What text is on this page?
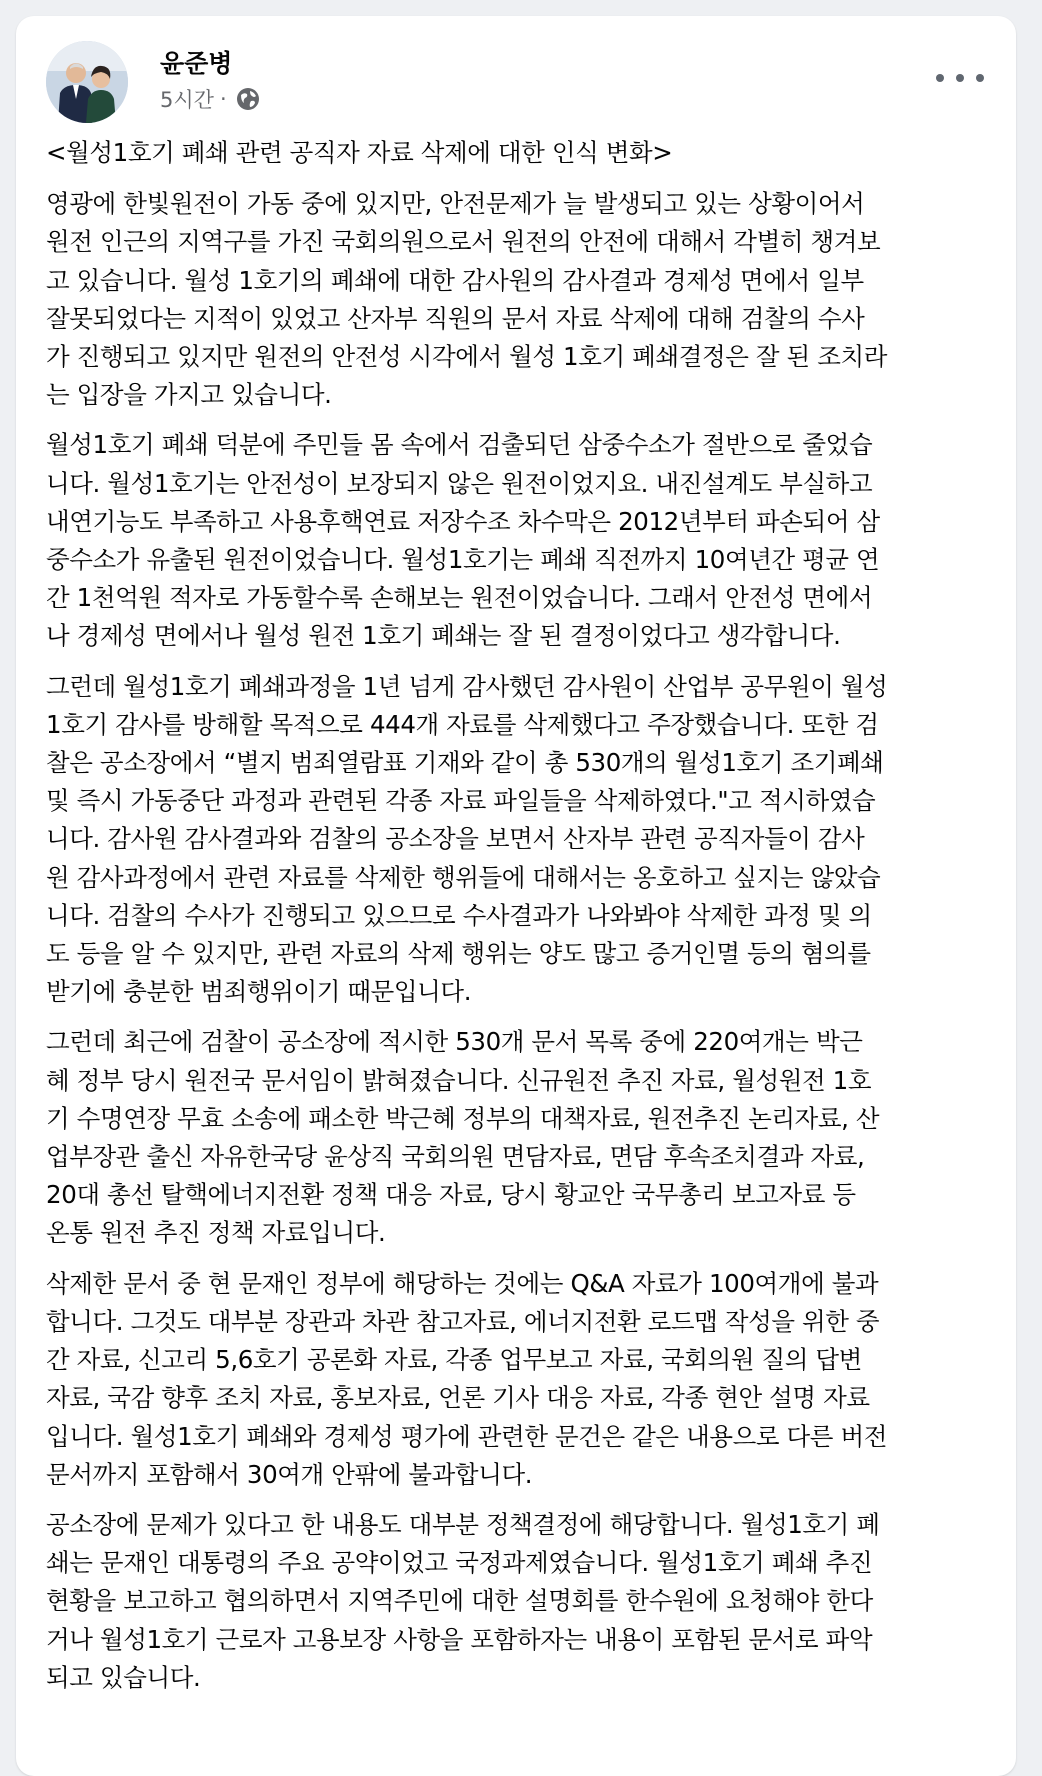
윤준병
5시간 ·
<월성1호기 폐쇄 관련 공직자 자료 삭제에 대한 인식 변화>
영광에 한빛원전이 가동 중에 있지만, 안전문제가 늘 발생되고 있는 상황이어서
원전 인근의 지역구를 가진 국회의원으로서 원전의 안전에 대해서 각별히 챙겨보
고 있습니다. 월성 1호기의 폐쇄에 대한 감사원의 감사결과 경제성 면에서 일부
잘못되었다는 지적이 있었고 산자부 직원의 문서 자료 삭제에 대해 검찰의 수사
가 진행되고 있지만 원전의 안전성 시각에서 월성 1호기 폐쇄결정은 잘 된 조치라
는 입장을 가지고 있습니다.
월성1호기 폐쇄 덕분에 주민들 몸 속에서 검출되던 삼중수소가 절반으로 줄었습
니다. 월성1호기는 안전성이 보장되지 않은 원전이었지요. 내진설계도 부실하고
내연기능도 부족하고 사용후핵연료 저장수조 차수막은 2012년부터 파손되어 삼
중수소가 유출된 원전이었습니다. 월성1호기는 폐쇄 직전까지 10여년간 평균 연
간 1천억원 적자로 가동할수록 손해보는 원전이었습니다. 그래서 안전성 면에서
나 경제성 면에서나 월성 원전 1호기 폐쇄는 잘 된 결정이었다고 생각합니다.
그런데 월성1호기 폐쇄과정을 1년 넘게 감사했던 감사원이 산업부 공무원이 월성
1호기 감사를 방해할 목적으로 444개 자료를 삭제했다고 주장했습니다. 또한 검
찰은 공소장에서 “별지 범죄열람표 기재와 같이 총 530개의 월성1호기 조기폐쇄
및 즉시 가동중단 과정과 관련된 각종 자료 파일들을 삭제하였다."고 적시하였습
니다. 감사원 감사결과와 검찰의 공소장을 보면서 산자부 관련 공직자들이 감사
원 감사과정에서 관련 자료를 삭제한 행위들에 대해서는 옹호하고 싶지는 않았습
니다. 검찰의 수사가 진행되고 있으므로 수사결과가 나와봐야 삭제한 과정 및 의
도 등을 알 수 있지만, 관련 자료의 삭제 행위는 양도 많고 증거인멸 등의 혐의를
받기에 충분한 범죄행위이기 때문입니다.
그런데 최근에 검찰이 공소장에 적시한 530개 문서 목록 중에 220여개는 박근
혜 정부 당시 원전국 문서임이 밝혀졌습니다. 신규원전 추진 자료, 월성원전 1호
기 수명연장 무효 소송에 패소한 박근혜 정부의 대책자료, 원전추진 논리자료, 산
업부장관 출신 자유한국당 윤상직 국회의원 면담자료, 면담 후속조치결과 자료,
20대 총선 탈핵에너지전환 정책 대응 자료, 당시 황교안 국무총리 보고자료 등
온통 원전 추진 정책 자료입니다.
삭제한 문서 중 현 문재인 정부에 해당하는 것에는 Q&A 자료가 100여개에 불과
합니다. 그것도 대부분 장관과 차관 참고자료, 에너지전환 로드맵 작성을 위한 중
간 자료, 신고리 5,6호기 공론화 자료, 각종 업무보고 자료, 국회의원 질의 답변
자료, 국감 향후 조치 자료, 홍보자료, 언론 기사 대응 자료, 각종 현안 설명 자료
입니다. 월성1호기 폐쇄와 경제성 평가에 관련한 문건은 같은 내용으로 다른 버전
문서까지 포함해서 30여개 안팎에 불과합니다.
공소장에 문제가 있다고 한 내용도 대부분 정책결정에 해당합니다. 월성1호기 폐
쇄는 문재인 대통령의 주요 공약이었고 국정과제였습니다. 월성1호기 폐쇄 추진
현황을 보고하고 협의하면서 지역주민에 대한 설명회를 한수원에 요청해야 한다
거나 월성1호기 근로자 고용보장 사항을 포함하자는 내용이 포함된 문서로 파악
되고 있습니다.
